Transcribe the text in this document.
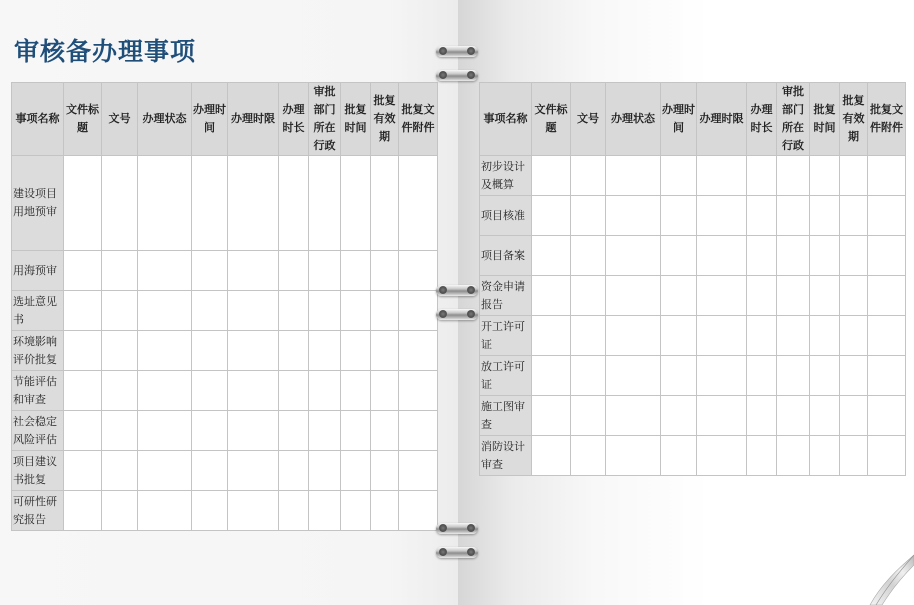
审核备办理事项
事项名称	文件标题	文号	办理状态	办理时间	办理时限	办理时长	审批部门所在行政	批复时间	批复有效期	批复文件附件
建设项目用地预审										
用海预审										
选址意见书										
环境影响评价批复										
节能评估和审查										
社会稳定风险评估										
项目建议书批复										
可研性研究报告										
事项名称	文件标题	文号	办理状态	办理时间	办理时限	办理时长	审批部门所在行政	批复时间	批复有效期	批复文件附件
初步设计及概算										
项目核准										
项目备案										
资金申请报告										
开工许可证										
放工许可证										
施工图审查										
消防设计审查										
